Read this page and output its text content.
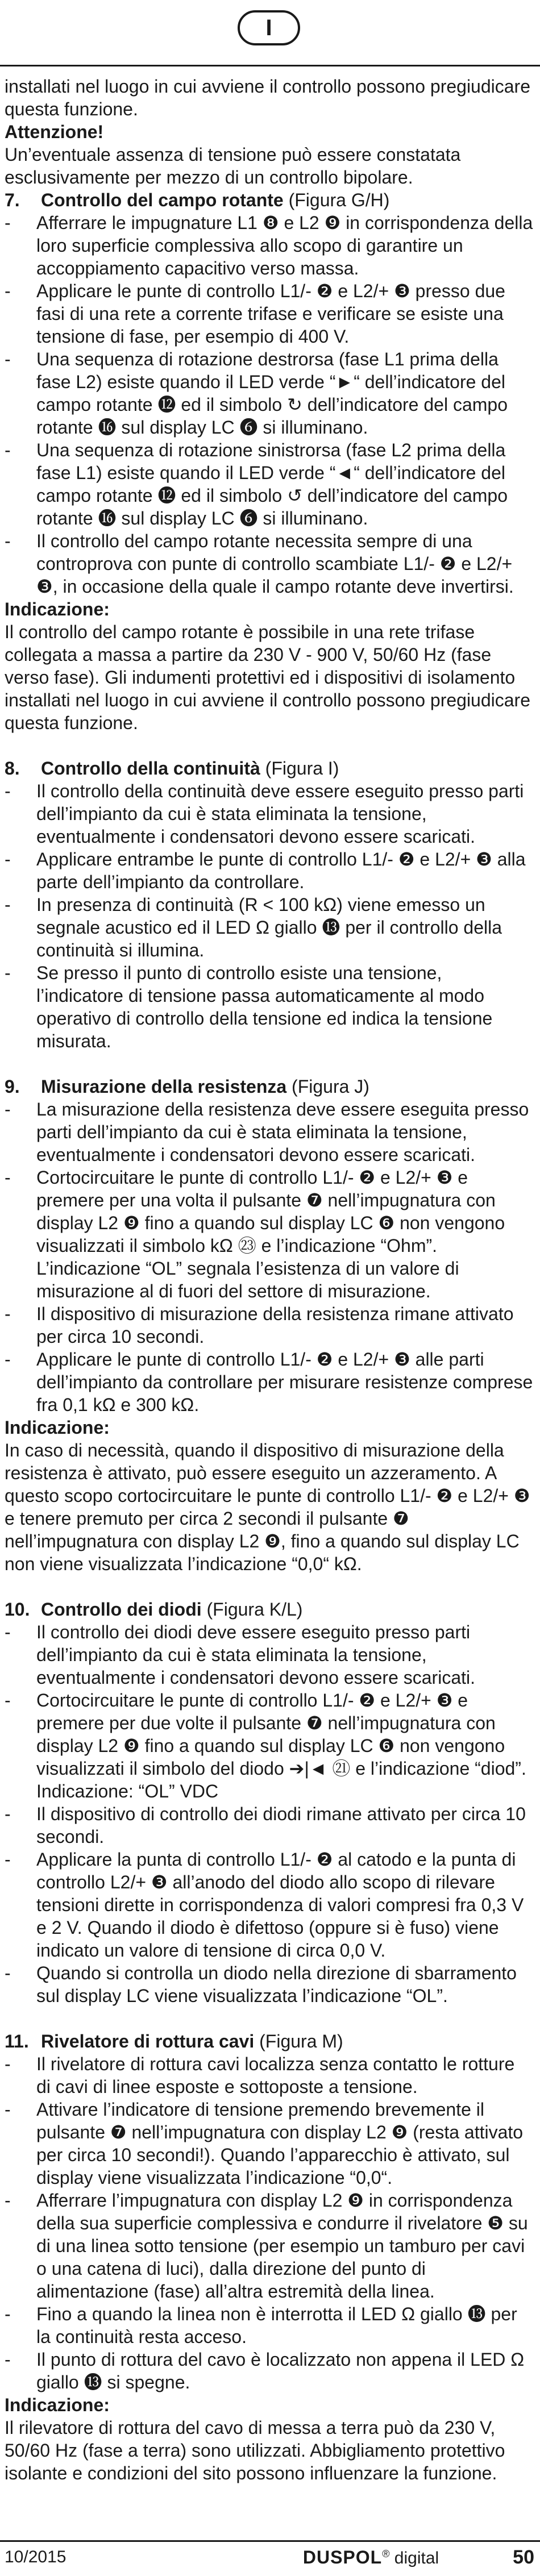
I

installati nel luogo in cui avviene il controllo possono pregiudicare questa funzione.

Attenzione!

Un’eventuale assenza di tensione può essere constatata esclusivamente per mezzo di un controllo bipolare.

7. Controllo del campo rotante (Figura G/H)

- Afferrare le impugnature L1 ❽ e L2 ❾ in corrispondenza della loro superficie complessiva allo scopo di garantire un accoppiamento capacitivo verso massa.
- Applicare le punte di controllo L1/- ❷ e L2/+ ❸ presso due fasi di una rete a corrente trifase e verificare se esiste una tensione di fase, per esempio di 400 V.
- Una sequenza di rotazione destrorsa (fase L1 prima della fase L2) esiste quando il LED verde “►“ dell’indicatore del campo rotante ⓬ ed il simbolo ↻ dell’indicatore del campo rotante ⓰ sul display LC ❻ si illuminano.
- Una sequenza di rotazione sinistrorsa (fase L2 prima della fase L1) esiste quando il LED verde “◄“ dell’indicatore del campo rotante ⓬ ed il simbolo ↺ dell’indicatore del campo rotante ⓰ sul display LC ❻ si illuminano.
- Il controllo del campo rotante necessita sempre di una controprova con punte di controllo scambiate L1/- ❷ e L2/+ ❸, in occasione della quale il campo rotante deve invertirsi.

Indicazione:

Il controllo del campo rotante è possibile in una rete trifase collegata a massa a partire da 230 V - 900 V, 50/60 Hz (fase verso fase). Gli indumenti protettivi ed i dispositivi di isolamento installati nel luogo in cui avviene il controllo possono pregiudicare questa funzione.

8. Controllo della continuità (Figura I)

- Il controllo della continuità deve essere eseguito presso parti dell’impianto da cui è stata eliminata la tensione, eventualmente i condensatori devono essere scaricati.
- Applicare entrambe le punte di controllo L1/- ❷ e L2/+ ❸ alla parte dell’impianto da controllare.
- In presenza di continuità (R < 100 kΩ) viene emesso un segnale acustico ed il LED Ω giallo ⓭ per il controllo della continuità si illumina.
- Se presso il punto di controllo esiste una tensione, l’indicatore di tensione passa automaticamente al modo operativo di controllo della tensione ed indica la tensione misurata.

9. Misurazione della resistenza (Figura J)

- La misurazione della resistenza deve essere eseguita presso parti dell’impianto da cui è stata eliminata la tensione, eventualmente i condensatori devono essere scaricati.
- Cortocircuitare le punte di controllo L1/- ❷ e L2/+ ❸ e premere per una volta il pulsante ❼ nell’impugnatura con display L2 ❾ fino a quando sul display LC ❻ non vengono visualizzati il simbolo kΩ ㉓ e l’indicazione “Ohm”. L’indicazione “OL” segnala l’esistenza di un valore di misurazione al di fuori del settore di misurazione.
- Il dispositivo di misurazione della resistenza rimane attivato per circa 10 secondi.
- Applicare le punte di controllo L1/- ❷ e L2/+ ❸ alle parti dell’impianto da controllare per misurare resistenze comprese fra 0,1 kΩ e 300 kΩ.

Indicazione:

In caso di necessità, quando il dispositivo di misurazione della resistenza è attivato, può essere eseguito un azzeramento. A questo scopo cortocircuitare le punte di controllo L1/- ❷ e L2/+ ❸ e tenere premuto per circa 2 secondi il pulsante ❼ nell’impugnatura con display L2 ❾, fino a quando sul display LC non viene visualizzata l’indicazione “0,0“ kΩ.

10. Controllo dei diodi (Figura K/L)

- Il controllo dei diodi deve essere eseguito presso parti dell’impianto da cui è stata eliminata la tensione, eventualmente i condensatori devono essere scaricati.
- Cortocircuitare le punte di controllo L1/- ❷ e L2/+ ❸ e premere per due volte il pulsante ❼ nell’impugnatura con display L2 ❾ fino a quando sul display LC ❻ non vengono visualizzati il simbolo del diodo ➔|◄ ㉑ e l’indicazione “diod”. Indicazione: “OL” VDC
- Il dispositivo di controllo dei diodi rimane attivato per circa 10 secondi.
- Applicare la punta di controllo L1/- ❷ al catodo e la punta di controllo L2/+ ❸ all’anodo del diodo allo scopo di rilevare tensioni dirette in corrispondenza di valori compresi fra 0,3 V e 2 V. Quando il diodo è difettoso (oppure si è fuso) viene indicato un valore di tensione di circa 0,0 V.
- Quando si controlla un diodo nella direzione di sbarramento sul display LC viene visualizzata l’indicazione “OL”.

11. Rivelatore di rottura cavi (Figura M)

- Il rivelatore di rottura cavi localizza senza contatto le rotture di cavi di linee esposte e sottoposte a tensione.
- Attivare l’indicatore di tensione premendo brevemente il pulsante ❼ nell’impugnatura con display L2 ❾ (resta attivato per circa 10 secondi!). Quando l’apparecchio è attivato, sul display viene visualizzata l’indicazione “0,0“.
- Afferrare l’impugnatura con display L2 ❾ in corrispondenza della sua superficie complessiva e condurre il rivelatore ❺ su di una linea sotto tensione (per esempio un tamburo per cavi o una catena di luci), dalla direzione del punto di alimentazione (fase) all’altra estremità della linea.
- Fino a quando la linea non è interrotta il LED Ω giallo ⓭ per la continuità resta acceso.
- Il punto di rottura del cavo è localizzato non appena il LED Ω giallo ⓭ si spegne.

Indicazione:

Il rilevatore di rottura del cavo di messa a terra può da 230 V, 50/60 Hz (fase a terra) sono utilizzati. Abbigliamento protettivo isolante e condizioni del sito possono influenzare la funzione.

10/2015	DUSPOL® digital	50
